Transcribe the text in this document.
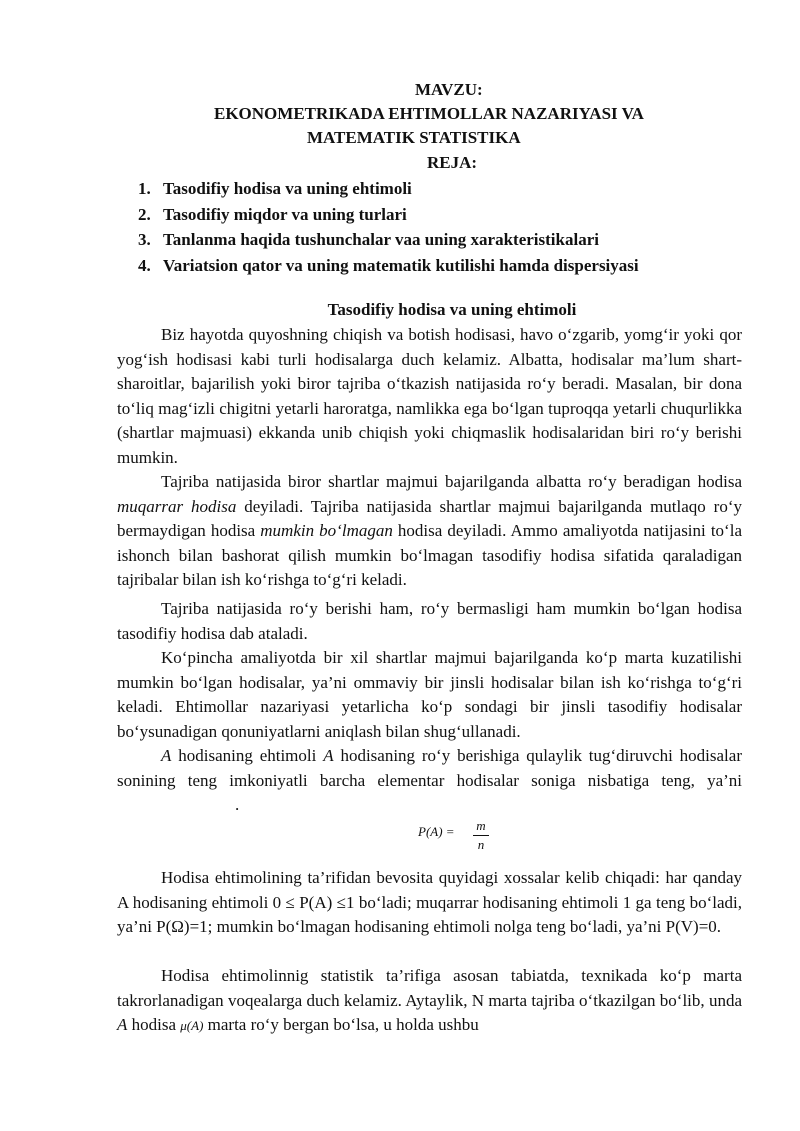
MAVZU:
EKONOMETRIKADA EHTIMOLLAR NAZARIYASI VA
MATEMATIK STATISTIKA
REJA:
1. Tasodifiy hodisa va uning ehtimoli
2. Tasodifiy miqdor va uning turlari
3. Tanlanma haqida tushunchalar vaa uning xarakteristikalari
4. Variatsion qator va uning matematik kutilishi hamda dispersiyasi
Tasodifiy hodisa va uning ehtimoli

Biz hayotda quyoshning chiqish va botish hodisasi, havo o‘zgarib, yomg‘ir yoki qor yog‘ish hodisasi kabi turli hodisalarga duch kelamiz. Albatta, hodisalar ma’lum shart-sharoitlar, bajarilish yoki biror tajriba o‘tkazish natijasida ro‘y beradi. Masalan, bir dona to‘liq mag‘izli chigitni yetarli haroratga, namlikka ega bo‘lgan tuproqqa yetarli chuqurlikka (shartlar majmuasi) ekkanda unib chiqish yoki chiqmaslik hodisalaridan biri ro‘y berishi mumkin.

Tajriba natijasida biror shartlar majmui bajarilganda albatta ro‘y beradigan hodisa muqarrar hodisa deyiladi. Tajriba natijasida shartlar majmui bajarilganda mutlaqo ro‘y bermaydigan hodisa mumkin bo‘lmagan hodisa deyiladi. Ammo amaliyotda natijasini to‘la ishonch bilan bashorat qilish mumkin bo‘lmagan tasodifiy hodisa sifatida qaraladigan tajribalar bilan ish ko‘rishga to‘g‘ri keladi.

Tajriba natijasida ro‘y berishi ham, ro‘y bermasligi ham mumkin bo‘lgan hodisa tasodifiy hodisa dab ataladi.

Ko‘pincha amaliyotda bir xil shartlar majmui bajarilganda ko‘p marta kuzatilishi mumkin bo‘lgan hodisalar, ya’ni ommaviy bir jinsli hodisalar bilan ish ko‘rishga to‘g‘ri keladi. Ehtimollar nazariyasi yetarlicha ko‘p sondagi bir jinsli tasodifiy hodisalar bo‘ysunadigan qonuniyatlarni aniqlash bilan shug‘ullanadi.

A hodisaning ehtimoli A hodisaning ro‘y berishiga qulaylik tug‘diruvchi hodisalar sonining teng imkoniyatli barcha elementar hodisalar soniga nisbatiga teng, ya’ni.

P(A) = m
n

Hodisa ehtimolining ta’rifidan bevosita quyidagi xossalar kelib chiqadi: har qanday A hodisaning ehtimoli 0 ≤ P(A) ≤1 bo‘ladi; muqarrar hodisaning ehtimoli 1 ga teng bo‘ladi, ya’ni P(Ω)=1; mumkin bo‘lmagan hodisaning ehtimoli nolga teng bo‘ladi, ya’ni P(V)=0.

Hodisa ehtimolinnig statistik ta’rifiga asosan tabiatda, texnikada ko‘p marta takrorlanadigan voqealarga duch kelamiz. Aytaylik, N marta tajriba o‘tkazilgan bo‘lib, unda A hodisa μ(A) marta ro‘y bergan bo‘lsa, u holda ushbu
